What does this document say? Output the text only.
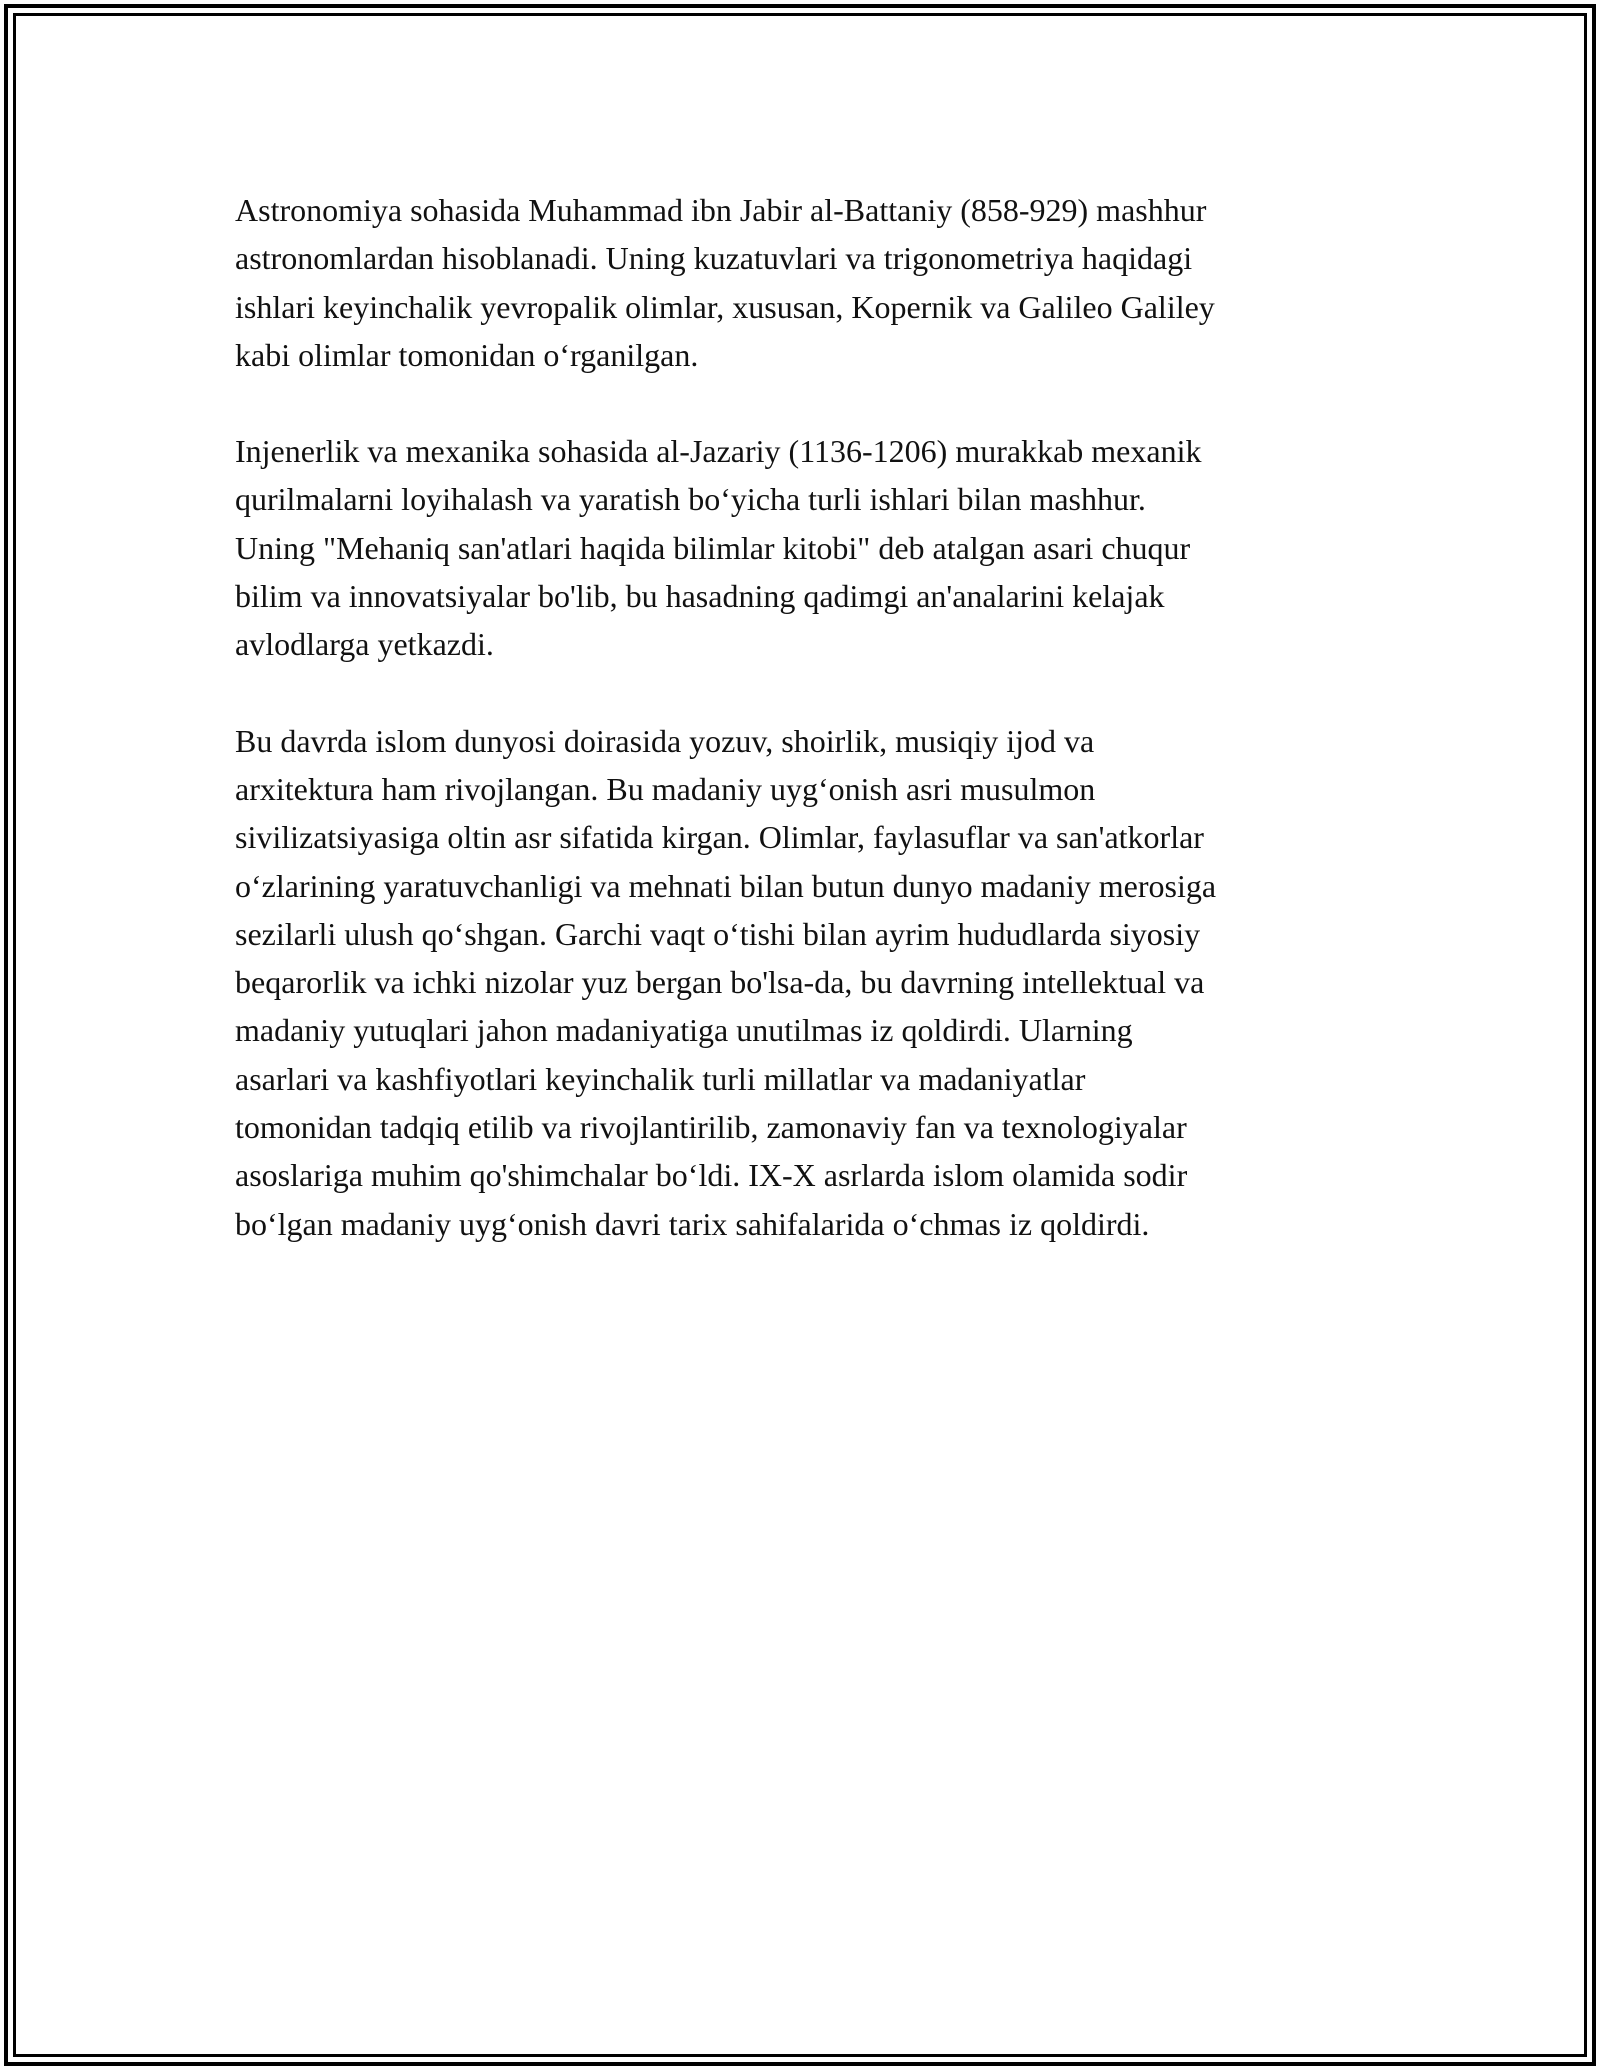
Astronomiya sohasida Muhammad ibn Jabir al-Battaniy (858-929) mashhur
astronomlardan hisoblanadi. Uning kuzatuvlari va trigonometriya haqidagi
ishlari keyinchalik yevropalik olimlar, xususan, Kopernik va Galileo Galiley
kabi olimlar tomonidan o‘rganilgan.

Injenerlik va mexanika sohasida al-Jazariy (1136-1206) murakkab mexanik
qurilmalarni loyihalash va yaratish bo‘yicha turli ishlari bilan mashhur.
Uning "Mehaniq san'atlari haqida bilimlar kitobi" deb atalgan asari chuqur
bilim va innovatsiyalar bo'lib, bu hasadning qadimgi an'analarini kelajak
avlodlarga yetkazdi.

Bu davrda islom dunyosi doirasida yozuv, shoirlik, musiqiy ijod va
arxitektura ham rivojlangan. Bu madaniy uyg‘onish asri musulmon
sivilizatsiyasiga oltin asr sifatida kirgan. Olimlar, faylasuflar va san'atkorlar
o‘zlarining yaratuvchanligi va mehnati bilan butun dunyo madaniy merosiga
sezilarli ulush qo‘shgan. Garchi vaqt o‘tishi bilan ayrim hududlarda siyosiy
beqarorlik va ichki nizolar yuz bergan bo'lsa-da, bu davrning intellektual va
madaniy yutuqlari jahon madaniyatiga unutilmas iz qoldirdi. Ularning
asarlari va kashfiyotlari keyinchalik turli millatlar va madaniyatlar
tomonidan tadqiq etilib va rivojlantirilib, zamonaviy fan va texnologiyalar
asoslariga muhim qo'shimchalar bo‘ldi. IX-X asrlarda islom olamida sodir
bo‘lgan madaniy uyg‘onish davri tarix sahifalarida o‘chmas iz qoldirdi.
